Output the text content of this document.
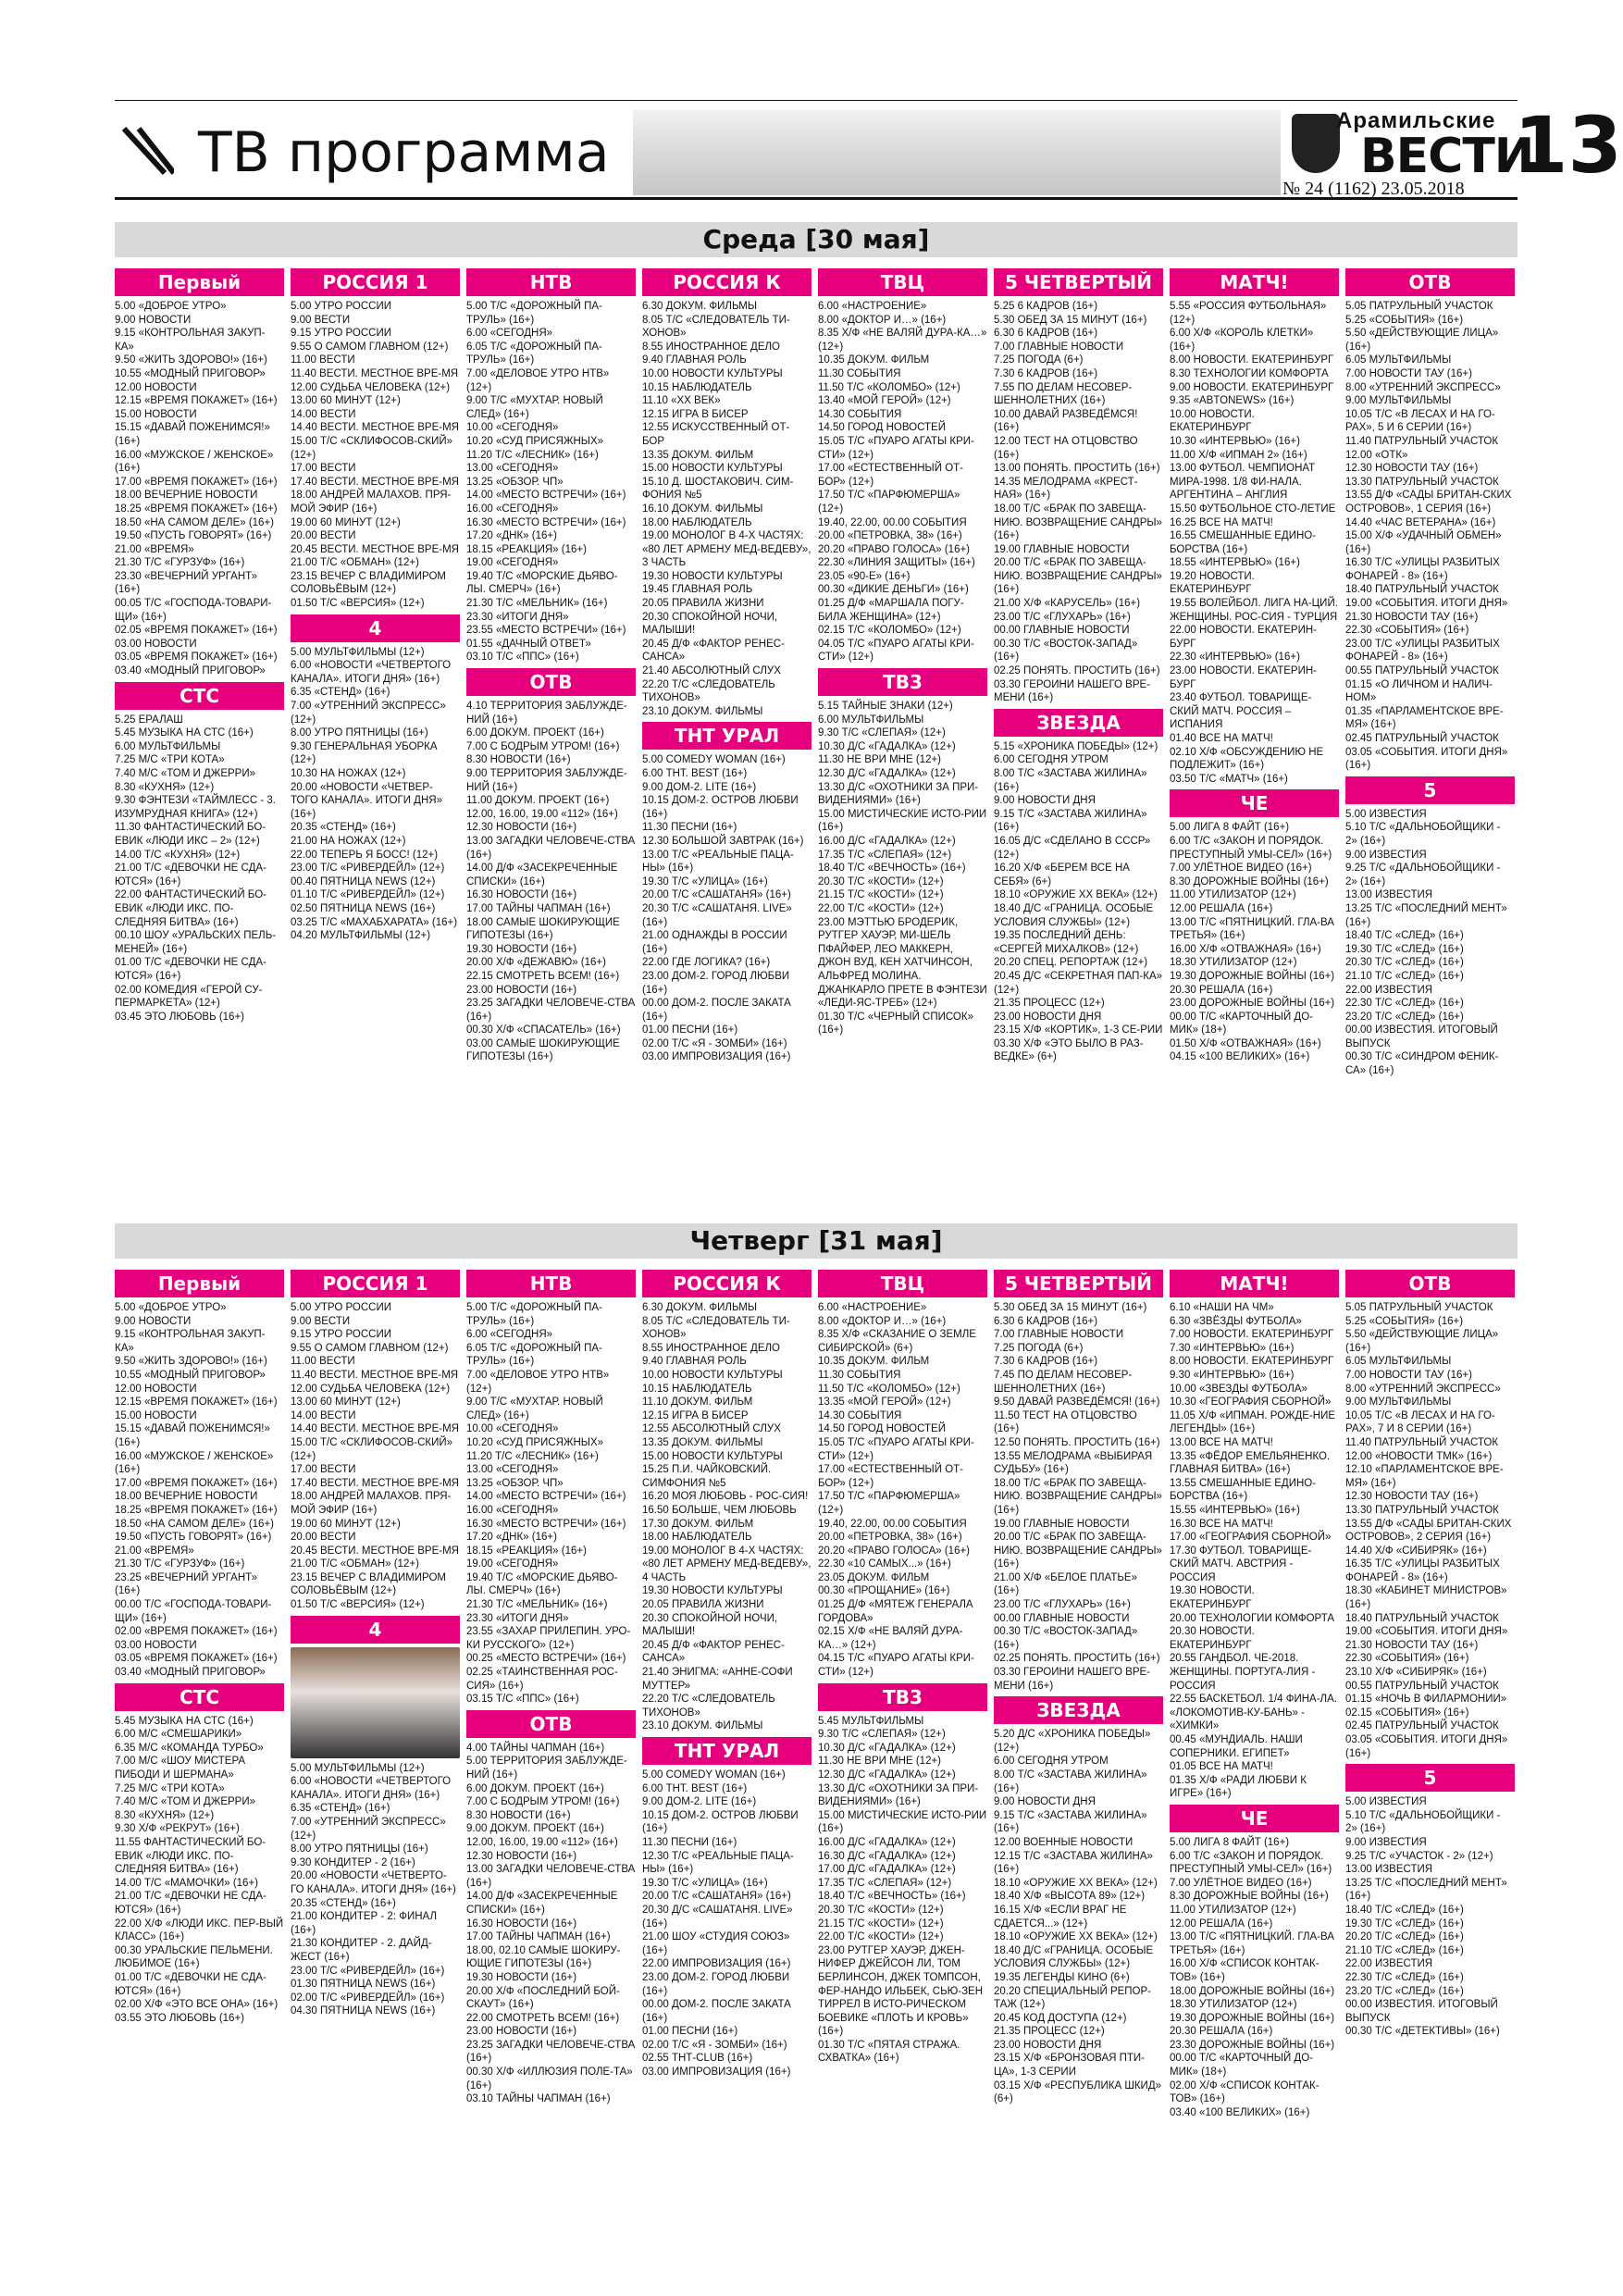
ТВ программа	Арамильские
ВЕСТИ
13
№ 24 (1162) 23.05.2018
Среда [30 мая]
Первый
5.00 «ДОБРОЕ УТРО»
9.00 НОВОСТИ
9.15 «КОНТРОЛЬНАЯ ЗАКУП-КА»
9.50 «ЖИТЬ ЗДОРОВО!» (16+)
10.55 «МОДНЫЙ ПРИГОВОР»
12.00 НОВОСТИ
12.15 «ВРЕМЯ ПОКАЖЕТ» (16+)
15.00 НОВОСТИ
15.15 «ДАВАЙ ПОЖЕНИМСЯ!» (16+)
16.00 «МУЖСКОЕ / ЖЕНСКОЕ» (16+)
17.00 «ВРЕМЯ ПОКАЖЕТ» (16+)
18.00 ВЕЧЕРНИЕ НОВОСТИ
18.25 «ВРЕМЯ ПОКАЖЕТ» (16+)
18.50 «НА САМОМ ДЕЛЕ» (16+)
19.50 «ПУСТЬ ГОВОРЯТ» (16+)
21.00 «ВРЕМЯ»
21.30 Т/С «ГУРЗУФ» (16+)
23.30 «ВЕЧЕРНИЙ УРГАНТ» (16+)
00.05 Т/С «ГОСПОДА-ТОВАРИ-ЩИ» (16+)
02.05 «ВРЕМЯ ПОКАЖЕТ» (16+)
03.00 НОВОСТИ
03.05 «ВРЕМЯ ПОКАЖЕТ» (16+)
03.40 «МОДНЫЙ ПРИГОВОР»
СТС
5.25 ЕРАЛАШ
5.45 МУЗЫКА НА СТС (16+)
6.00 МУЛЬТФИЛЬМЫ
7.25 М/С «ТРИ КОТА»
7.40 М/С «ТОМ И ДЖЕРРИ»
8.30 «КУХНЯ» (12+)
9.30 ФЭНТЕЗИ «ТАЙМЛЕСС - 3. ИЗУМРУДНАЯ КНИГА» (12+)
11.30 ФАНТАСТИЧЕСКИЙ БО-ЕВИК «ЛЮДИ ИКС – 2» (12+)
14.00 Т/С «КУХНЯ» (12+)
21.00 Т/С «ДЕВОЧКИ НЕ СДА-ЮТСЯ» (16+)
22.00 ФАНТАСТИЧЕСКИЙ БО-ЕВИК «ЛЮДИ ИКС. ПО-СЛЕДНЯЯ БИТВА» (16+)
00.10 ШОУ «УРАЛЬСКИХ ПЕЛЬ-МЕНЕЙ» (16+)
01.00 Т/С «ДЕВОЧКИ НЕ СДА-ЮТСЯ» (16+)
02.00 КОМЕДИЯ «ГЕРОЙ СУ-ПЕРМАРКЕТА» (12+)
03.45 ЭТО ЛЮБОВЬ (16+)
РОССИЯ 1
5.00 УТРО РОССИИ
9.00 ВЕСТИ
9.15 УТРО РОССИИ
9.55 О САМОМ ГЛАВНОМ (12+)
11.00 ВЕСТИ
11.40 ВЕСТИ. МЕСТНОЕ ВРЕ-МЯ
12.00 СУДЬБА ЧЕЛОВЕКА (12+)
13.00 60 МИНУТ (12+)
14.00 ВЕСТИ
14.40 ВЕСТИ. МЕСТНОЕ ВРЕ-МЯ
15.00 Т/С «СКЛИФОСОВ-СКИЙ» (12+)
17.00 ВЕСТИ
17.40 ВЕСТИ. МЕСТНОЕ ВРЕ-МЯ
18.00 АНДРЕЙ МАЛАХОВ. ПРЯ-МОЙ ЭФИР (16+)
19.00 60 МИНУТ (12+)
20.00 ВЕСТИ
20.45 ВЕСТИ. МЕСТНОЕ ВРЕ-МЯ
21.00 Т/С «ОБМАН» (12+)
23.15 ВЕЧЕР С ВЛАДИМИРОМ СОЛОВЬЁВЫМ (12+)
01.50 Т/С «ВЕРСИЯ» (12+)
4
5.00 МУЛЬТФИЛЬМЫ (12+)
6.00 «НОВОСТИ «ЧЕТВЕРТОГО КАНАЛА». ИТОГИ ДНЯ» (16+)
6.35 «СТЕНД» (16+)
7.00 «УТРЕННИЙ ЭКСПРЕСС» (12+)
8.00 УТРО ПЯТНИЦЫ (16+)
9.30 ГЕНЕРАЛЬНАЯ УБОРКА (12+)
10.30 НА НОЖАХ (12+)
20.00 «НОВОСТИ «ЧЕТВЕР-ТОГО КАНАЛА». ИТОГИ ДНЯ» (16+)
20.35 «СТЕНД» (16+)
21.00 НА НОЖАХ (12+)
22.00 ТЕПЕРЬ Я БОСС! (12+)
23.00 Т/С «РИВЕРДЕЙЛ» (12+)
00.40 ПЯТНИЦА NEWS (12+)
01.10 Т/С «РИВЕРДЕЙЛ» (12+)
02.50 ПЯТНИЦА NEWS (16+)
03.25 Т/С «МАХАБХАРАТА» (16+)
04.20 МУЛЬТФИЛЬМЫ (12+)
НТВ
5.00 Т/С «ДОРОЖНЫЙ ПА-ТРУЛЬ» (16+)
6.00 «СЕГОДНЯ»
6.05 Т/С «ДОРОЖНЫЙ ПА-ТРУЛЬ» (16+)
7.00 «ДЕЛОВОЕ УТРО НТВ» (12+)
9.00 Т/С «МУХТАР. НОВЫЙ СЛЕД» (16+)
10.00 «СЕГОДНЯ»
10.20 «СУД ПРИСЯЖНЫХ»
11.20 Т/С «ЛЕСНИК» (16+)
13.00 «СЕГОДНЯ»
13.25 «ОБЗОР. ЧП»
14.00 «МЕСТО ВСТРЕЧИ» (16+)
16.00 «СЕГОДНЯ»
16.30 «МЕСТО ВСТРЕЧИ» (16+)
17.20 «ДНК» (16+)
18.15 «РЕАКЦИЯ» (16+)
19.00 «СЕГОДНЯ»
19.40 Т/С «МОРСКИЕ ДЬЯВО-ЛЫ. СМЕРЧ» (16+)
21.30 Т/С «МЕЛЬНИК» (16+)
23.30 «ИТОГИ ДНЯ»
23.55 «МЕСТО ВСТРЕЧИ» (16+)
01.55 «ДАЧНЫЙ ОТВЕТ»
03.10 Т/С «ППС» (16+)
ОТВ
4.10 ТЕРРИТОРИЯ ЗАБЛУЖДЕ-НИЙ (16+)
6.00 ДОКУМ. ПРОЕКТ (16+)
7.00 С БОДРЫМ УТРОМ! (16+)
8.30 НОВОСТИ (16+)
9.00 ТЕРРИТОРИЯ ЗАБЛУЖДЕ-НИЙ (16+)
11.00 ДОКУМ. ПРОЕКТ (16+)
12.00, 16.00, 19.00 «112» (16+)
12.30 НОВОСТИ (16+)
13.00 ЗАГАДКИ ЧЕЛОВЕЧЕ-СТВА (16+)
14.00 Д/Ф «ЗАСЕКРЕЧЕННЫЕ СПИСКИ» (16+)
16.30 НОВОСТИ (16+)
17.00 ТАЙНЫ ЧАПМАН (16+)
18.00 САМЫЕ ШОКИРУЮЩИЕ ГИПОТЕЗЫ (16+)
19.30 НОВОСТИ (16+)
20.00 Х/Ф «ДЕЖАВЮ» (16+)
22.15 СМОТРЕТЬ ВСЕМ! (16+)
23.00 НОВОСТИ (16+)
23.25 ЗАГАДКИ ЧЕЛОВЕЧЕ-СТВА (16+)
00.30 Х/Ф «СПАСАТЕЛЬ» (16+)
03.00 САМЫЕ ШОКИРУЮЩИЕ ГИПОТЕЗЫ (16+)
РОССИЯ К
6.30 ДОКУМ. ФИЛЬМЫ
8.05 Т/С «СЛЕДОВАТЕЛЬ ТИ-ХОНОВ»
8.55 ИНОСТРАННОЕ ДЕЛО
9.40 ГЛАВНАЯ РОЛЬ
10.00 НОВОСТИ КУЛЬТУРЫ
10.15 НАБЛЮДАТЕЛЬ
11.10 «ХХ ВЕК»
12.15 ИГРА В БИСЕР
12.55 ИСКУССТВЕННЫЙ ОТ-БОР
13.35 ДОКУМ. ФИЛЬМ
15.00 НОВОСТИ КУЛЬТУРЫ
15.10 Д. ШОСТАКОВИЧ. СИМ-ФОНИЯ №5
16.10 ДОКУМ. ФИЛЬМЫ
18.00 НАБЛЮДАТЕЛЬ
19.00 МОНОЛОГ В 4-Х ЧАСТЯХ: «80 ЛЕТ АРМЕНУ МЕД-ВЕДЕВУ», 3 ЧАСТЬ
19.30 НОВОСТИ КУЛЬТУРЫ
19.45 ГЛАВНАЯ РОЛЬ
20.05 ПРАВИЛА ЖИЗНИ
20.30 СПОКОЙНОЙ НОЧИ, МАЛЫШИ!
20.45 Д/Ф «ФАКТОР РЕНЕС-САНСА»
21.40 АБСОЛЮТНЫЙ СЛУХ
22.20 Т/С «СЛЕДОВАТЕЛЬ ТИХОНОВ»
23.10 ДОКУМ. ФИЛЬМЫ
ТНТ УРАЛ
5.00 COMEDY WOMAN (16+)
6.00 ТНТ. BEST (16+)
9.00 ДОМ-2. LITE (16+)
10.15 ДОМ-2. ОСТРОВ ЛЮБВИ (16+)
11.30 ПЕСНИ (16+)
12.30 БОЛЬШОЙ ЗАВТРАК (16+)
13.00 Т/С «РЕАЛЬНЫЕ ПАЦА-НЫ» (16+)
19.30 Т/С «УЛИЦА» (16+)
20.00 Т/С «САШАТАНЯ» (16+)
20.30 Т/С «САШАТАНЯ. LIVE» (16+)
21.00 ОДНАЖДЫ В РОССИИ (16+)
22.00 ГДЕ ЛОГИКА? (16+)
23.00 ДОМ-2. ГОРОД ЛЮБВИ (16+)
00.00 ДОМ-2. ПОСЛЕ ЗАКАТА (16+)
01.00 ПЕСНИ (16+)
02.00 Т/С «Я - ЗОМБИ» (16+)
03.00 ИМПРОВИЗАЦИЯ (16+)
ТВЦ
6.00 «НАСТРОЕНИЕ»
8.00 «ДОКТОР И…» (16+)
8.35 Х/Ф «НЕ ВАЛЯЙ ДУРА-КА…» (12+)
10.35 ДОКУМ. ФИЛЬМ
11.30 СОБЫТИЯ
11.50 Т/С «КОЛОМБО» (12+)
13.40 «МОЙ ГЕРОЙ» (12+)
14.30 СОБЫТИЯ
14.50 ГОРОД НОВОСТЕЙ
15.05 Т/С «ПУАРО АГАТЫ КРИ-СТИ» (12+)
17.00 «ЕСТЕСТВЕННЫЙ ОТ-БОР» (12+)
17.50 Т/С «ПАРФЮМЕРША» (12+)
19.40, 22.00, 00.00 СОБЫТИЯ
20.00 «ПЕТРОВКА, 38» (16+)
20.20 «ПРАВО ГОЛОСА» (16+)
22.30 «ЛИНИЯ ЗАЩИТЫ» (16+)
23.05 «90-Е» (16+)
00.30 «ДИКИЕ ДЕНЬГИ» (16+)
01.25 Д/Ф «МАРШАЛА ПОГУ-БИЛА ЖЕНЩИНА» (12+)
02.15 Т/С «КОЛОМБО» (12+)
04.05 Т/С «ПУАРО АГАТЫ КРИ-СТИ» (12+)
ТВ3
5.15 ТАЙНЫЕ ЗНАКИ (12+)
6.00 МУЛЬТФИЛЬМЫ
9.30 Т/С «СЛЕПАЯ» (12+)
10.30 Д/С «ГАДАЛКА» (12+)
11.30 НЕ ВРИ МНЕ (12+)
12.30 Д/С «ГАДАЛКА» (12+)
13.30 Д/С «ОХОТНИКИ ЗА ПРИ-ВИДЕНИЯМИ» (16+)
15.00 МИСТИЧЕСКИЕ ИСТО-РИИ (16+)
16.00 Д/С «ГАДАЛКА» (12+)
17.35 Т/С «СЛЕПАЯ» (12+)
18.40 Т/С «ВЕЧНОСТЬ» (16+)
20.30 Т/С «КОСТИ» (12+)
21.15 Т/С «КОСТИ» (12+)
22.00 Т/С «КОСТИ» (12+)
23.00 МЭТТЬЮ БРОДЕРИК, РУТГЕР ХАУЭР, МИ-ШЕЛЬ ПФАЙФЕР, ЛЕО МАККЕРН, ДЖОН ВУД, КЕН ХАТЧИНСОН, АЛЬФРЕД МОЛИНА. ДЖАНКАРЛО ПРЕТЕ В ФЭНТЕЗИ «ЛЕДИ-ЯС-ТРЕБ» (12+)
01.30 Т/С «ЧЕРНЫЙ СПИСОК» (16+)
5 ЧЕТВЕРТЫЙ
5.25 6 КАДРОВ (16+)
5.30 ОБЕД ЗА 15 МИНУТ (16+)
6.30 6 КАДРОВ (16+)
7.00 ГЛАВНЫЕ НОВОСТИ
7.25 ПОГОДА (6+)
7.30 6 КАДРОВ (16+)
7.55 ПО ДЕЛАМ НЕСОВЕР-ШЕННОЛЕТНИХ (16+)
10.00 ДАВАЙ РАЗВЕДЁМСЯ! (16+)
12.00 ТЕСТ НА ОТЦОВСТВО (16+)
13.00 ПОНЯТЬ. ПРОСТИТЬ (16+)
14.35 МЕЛОДРАМА «КРЕСТ-НАЯ» (16+)
18.00 Т/С «БРАК ПО ЗАВЕЩА-НИЮ. ВОЗВРАЩЕНИЕ САНДРЫ» (16+)
19.00 ГЛАВНЫЕ НОВОСТИ
20.00 Т/С «БРАК ПО ЗАВЕЩА-НИЮ. ВОЗВРАЩЕНИЕ САНДРЫ» (16+)
21.00 Х/Ф «КАРУСЕЛЬ» (16+)
23.00 Т/С «ГЛУХАРЬ» (16+)
00.00 ГЛАВНЫЕ НОВОСТИ
00.30 Т/С «ВОСТОК-ЗАПАД» (16+)
02.25 ПОНЯТЬ. ПРОСТИТЬ (16+)
03.30 ГЕРОИНИ НАШЕГО ВРЕ-МЕНИ (16+)
ЗВЕЗДА
5.15 «ХРОНИКА ПОБЕДЫ» (12+)
6.00 СЕГОДНЯ УТРОМ
8.00 Т/С «ЗАСТАВА ЖИЛИНА» (16+)
9.00 НОВОСТИ ДНЯ
9.15 Т/С «ЗАСТАВА ЖИЛИНА» (16+)
16.05 Д/С «СДЕЛАНО В СССР» (12+)
16.20 Х/Ф «БЕРЕМ ВСЕ НА СЕБЯ» (6+)
18.10 «ОРУЖИЕ ХХ ВЕКА» (12+)
18.40 Д/С «ГРАНИЦА. ОСОБЫЕ УСЛОВИЯ СЛУЖБЫ» (12+)
19.35 ПОСЛЕДНИЙ ДЕНЬ: «СЕРГЕЙ МИХАЛКОВ» (12+)
20.20 СПЕЦ. РЕПОРТАЖ (12+)
20.45 Д/С «СЕКРЕТНАЯ ПАП-КА» (12+)
21.35 ПРОЦЕСС (12+)
23.00 НОВОСТИ ДНЯ
23.15 Х/Ф «КОРТИК», 1-3 СЕ-РИИ
03.30 Х/Ф «ЭТО БЫЛО В РАЗ-ВЕДКЕ» (6+)
МАТЧ!
5.55 «РОССИЯ ФУТБОЛЬНАЯ» (12+)
6.00 Х/Ф «КОРОЛЬ КЛЕТКИ» (16+)
8.00 НОВОСТИ. ЕКАТЕРИНБУРГ
8.30 ТЕХНОЛОГИИ КОМФОРТА
9.00 НОВОСТИ. ЕКАТЕРИНБУРГ
9.35 «ABTONEWS» (16+)
10.00 НОВОСТИ. ЕКАТЕРИНБУРГ
10.30 «ИНТЕРВЬЮ» (16+)
11.00 Х/Ф «ИПМАН 2» (16+)
13.00 ФУТБОЛ. ЧЕМПИОНАТ МИРА-1998. 1/8 ФИ-НАЛА. АРГЕНТИНА – АНГЛИЯ
15.50 ФУТБОЛЬНОЕ СТО-ЛЕТИЕ
16.25 ВСЕ НА МАТЧ!
16.55 СМЕШАННЫЕ ЕДИНО-БОРСТВА (16+)
18.55 «ИНТЕРВЬЮ» (16+)
19.20 НОВОСТИ. ЕКАТЕРИНБУРГ
19.55 ВОЛЕЙБОЛ. ЛИГА НА-ЦИЙ. ЖЕНЩИНЫ. РОС-СИЯ - ТУРЦИЯ
22.00 НОВОСТИ. ЕКАТЕРИН-БУРГ
22.30 «ИНТЕРВЬЮ» (16+)
23.00 НОВОСТИ. ЕКАТЕРИН-БУРГ
23.40 ФУТБОЛ. ТОВАРИЩЕ-СКИЙ МАТЧ. РОССИЯ – ИСПАНИЯ
01.40 ВСЕ НА МАТЧ!
02.10 Х/Ф «ОБСУЖДЕНИЮ НЕ ПОДЛЕЖИТ» (16+)
03.50 Т/С «МАТЧ» (16+)
ЧЕ
5.00 ЛИГА 8 ФАЙТ (16+)
6.00 Т/С «ЗАКОН И ПОРЯДОК. ПРЕСТУПНЫЙ УМЫ-СЕЛ» (16+)
7.00 УЛЁТНОЕ ВИДЕО (16+)
8.30 ДОРОЖНЫЕ ВОЙНЫ (16+)
11.00 УТИЛИЗАТОР (12+)
12.00 РЕШАЛА (16+)
13.00 Т/С «ПЯТНИЦКИЙ. ГЛА-ВА ТРЕТЬЯ» (16+)
16.00 Х/Ф «ОТВАЖНАЯ» (16+)
18.30 УТИЛИЗАТОР (12+)
19.30 ДОРОЖНЫЕ ВОЙНЫ (16+)
20.30 РЕШАЛА (16+)
23.00 ДОРОЖНЫЕ ВОЙНЫ (16+)
00.00 Т/С «КАРТОЧНЫЙ ДО-МИК» (18+)
01.50 Х/Ф «ОТВАЖНАЯ» (16+)
04.15 «100 ВЕЛИКИХ» (16+)
ОТВ
5.05 ПАТРУЛЬНЫЙ УЧАСТОК
5.25 «СОБЫТИЯ» (16+)
5.50 «ДЕЙСТВУЮЩИЕ ЛИЦА» (16+)
6.05 МУЛЬТФИЛЬМЫ
7.00 НОВОСТИ ТАУ (16+)
8.00 «УТРЕННИЙ ЭКСПРЕСС»
9.00 МУЛЬТФИЛЬМЫ
10.05 Т/С «В ЛЕСАХ И НА ГО-РАХ», 5 И 6 СЕРИИ (16+)
11.40 ПАТРУЛЬНЫЙ УЧАСТОК
12.00 «ОТК»
12.30 НОВОСТИ ТАУ (16+)
13.30 ПАТРУЛЬНЫЙ УЧАСТОК
13.55 Д/Ф «САДЫ БРИТАН-СКИХ ОСТРОВОВ», 1 СЕРИЯ (16+)
14.40 «ЧАС ВЕТЕРАНА» (16+)
15.00 Х/Ф «УДАЧНЫЙ ОБМЕН» (16+)
16.30 Т/С «УЛИЦЫ РАЗБИТЫХ ФОНАРЕЙ - 8» (16+)
18.40 ПАТРУЛЬНЫЙ УЧАСТОК
19.00 «СОБЫТИЯ. ИТОГИ ДНЯ»
21.30 НОВОСТИ ТАУ (16+)
22.30 «СОБЫТИЯ» (16+)
23.00 Т/С «УЛИЦЫ РАЗБИТЫХ ФОНАРЕЙ - 8» (16+)
00.55 ПАТРУЛЬНЫЙ УЧАСТОК
01.15 «О ЛИЧНОМ И НАЛИЧ-НОМ»
01.35 «ПАРЛАМЕНТСКОЕ ВРЕ-МЯ» (16+)
02.45 ПАТРУЛЬНЫЙ УЧАСТОК
03.05 «СОБЫТИЯ. ИТОГИ ДНЯ» (16+)
5
5.00 ИЗВЕСТИЯ
5.10 Т/С «ДАЛЬНОБОЙЩИКИ - 2» (16+)
9.00 ИЗВЕСТИЯ
9.25 Т/С «ДАЛЬНОБОЙЩИКИ - 2» (16+)
13.00 ИЗВЕСТИЯ
13.25 Т/С «ПОСЛЕДНИЙ МЕНТ» (16+)
18.40 Т/С «СЛЕД» (16+)
19.30 Т/С «СЛЕД» (16+)
20.30 Т/С «СЛЕД» (16+)
21.10 Т/С «СЛЕД» (16+)
22.00 ИЗВЕСТИЯ
22.30 Т/С «СЛЕД» (16+)
23.20 Т/С «СЛЕД» (16+)
00.00 ИЗВЕСТИЯ. ИТОГОВЫЙ ВЫПУСК
00.30 Т/С «СИНДРОМ ФЕНИК-СА» (16+)
Четверг [31 мая]
Первый
5.00 «ДОБРОЕ УТРО»
9.00 НОВОСТИ
9.15 «КОНТРОЛЬНАЯ ЗАКУП-КА»
9.50 «ЖИТЬ ЗДОРОВО!» (16+)
10.55 «МОДНЫЙ ПРИГОВОР»
12.00 НОВОСТИ
12.15 «ВРЕМЯ ПОКАЖЕТ» (16+)
15.00 НОВОСТИ
15.15 «ДАВАЙ ПОЖЕНИМСЯ!» (16+)
16.00 «МУЖСКОЕ / ЖЕНСКОЕ» (16+)
17.00 «ВРЕМЯ ПОКАЖЕТ» (16+)
18.00 ВЕЧЕРНИЕ НОВОСТИ
18.25 «ВРЕМЯ ПОКАЖЕТ» (16+)
18.50 «НА САМОМ ДЕЛЕ» (16+)
19.50 «ПУСТЬ ГОВОРЯТ» (16+)
21.00 «ВРЕМЯ»
21.30 Т/С «ГУРЗУФ» (16+)
23.25 «ВЕЧЕРНИЙ УРГАНТ» (16+)
00.00 Т/С «ГОСПОДА-ТОВАРИ-ЩИ» (16+)
02.00 «ВРЕМЯ ПОКАЖЕТ» (16+)
03.00 НОВОСТИ
03.05 «ВРЕМЯ ПОКАЖЕТ» (16+)
03.40 «МОДНЫЙ ПРИГОВОР»
СТС
5.45 МУЗЫКА НА СТС (16+)
6.00 М/С «СМЕШАРИКИ»
6.35 М/С «КОМАНДА ТУРБО»
7.00 М/С «ШОУ МИСТЕРА ПИБОДИ И ШЕРМАНА»
7.25 М/С «ТРИ КОТА»
7.40 М/С «ТОМ И ДЖЕРРИ»
8.30 «КУХНЯ» (12+)
9.30 Х/Ф «РЕКРУТ» (16+)
11.55 ФАНТАСТИЧЕСКИЙ БО-ЕВИК «ЛЮДИ ИКС. ПО-СЛЕДНЯЯ БИТВА» (16+)
14.00 Т/С «МАМОЧКИ» (16+)
21.00 Т/С «ДЕВОЧКИ НЕ СДА-ЮТСЯ» (16+)
22.00 Х/Ф «ЛЮДИ ИКС. ПЕР-ВЫЙ КЛАСС» (16+)
00.30 УРАЛЬСКИЕ ПЕЛЬМЕНИ. ЛЮБИМОЕ (16+)
01.00 Т/С «ДЕВОЧКИ НЕ СДА-ЮТСЯ» (16+)
02.00 Х/Ф «ЭТО ВСЕ ОНА» (16+)
03.55 ЭТО ЛЮБОВЬ (16+)
РОССИЯ 1
5.00 УТРО РОССИИ
9.00 ВЕСТИ
9.15 УТРО РОССИИ
9.55 О САМОМ ГЛАВНОМ (12+)
11.00 ВЕСТИ
11.40 ВЕСТИ. МЕСТНОЕ ВРЕ-МЯ
12.00 СУДЬБА ЧЕЛОВЕКА (12+)
13.00 60 МИНУТ (12+)
14.00 ВЕСТИ
14.40 ВЕСТИ. МЕСТНОЕ ВРЕ-МЯ
15.00 Т/С «СКЛИФОСОВ-СКИЙ» (12+)
17.00 ВЕСТИ
17.40 ВЕСТИ. МЕСТНОЕ ВРЕ-МЯ
18.00 АНДРЕЙ МАЛАХОВ. ПРЯ-МОЙ ЭФИР (16+)
19.00 60 МИНУТ (12+)
20.00 ВЕСТИ
20.45 ВЕСТИ. МЕСТНОЕ ВРЕ-МЯ
21.00 Т/С «ОБМАН» (12+)
23.15 ВЕЧЕР С ВЛАДИМИРОМ СОЛОВЬЁВЫМ (12+)
01.50 Т/С «ВЕРСИЯ» (12+)
4
5.00 МУЛЬТФИЛЬМЫ (12+)
6.00 «НОВОСТИ «ЧЕТВЕРТОГО КАНАЛА». ИТОГИ ДНЯ» (16+)
6.35 «СТЕНД» (16+)
7.00 «УТРЕННИЙ ЭКСПРЕСС» (12+)
8.00 УТРО ПЯТНИЦЫ (16+)
9.30 КОНДИТЕР - 2 (16+)
20.00 «НОВОСТИ «ЧЕТВЕРТО-ГО КАНАЛА». ИТОГИ ДНЯ» (16+)
20.35 «СТЕНД» (16+)
21.00 КОНДИТЕР - 2: ФИНАЛ (16+)
21.30 КОНДИТЕР - 2. ДАЙД-ЖЕСТ (16+)
23.00 Т/С «РИВЕРДЕЙЛ» (16+)
01.30 ПЯТНИЦА NEWS (16+)
02.00 Т/С «РИВЕРДЕЙЛ» (16+)
04.30 ПЯТНИЦА NEWS (16+)
НТВ
5.00 Т/С «ДОРОЖНЫЙ ПА-ТРУЛЬ» (16+)
6.00 «СЕГОДНЯ»
6.05 Т/С «ДОРОЖНЫЙ ПА-ТРУЛЬ» (16+)
7.00 «ДЕЛОВОЕ УТРО НТВ» (12+)
9.00 Т/С «МУХТАР. НОВЫЙ СЛЕД» (16+)
10.00 «СЕГОДНЯ»
10.20 «СУД ПРИСЯЖНЫХ»
11.20 Т/С «ЛЕСНИК» (16+)
13.00 «СЕГОДНЯ»
13.25 «ОБЗОР. ЧП»
14.00 «МЕСТО ВСТРЕЧИ» (16+)
16.00 «СЕГОДНЯ»
16.30 «МЕСТО ВСТРЕЧИ» (16+)
17.20 «ДНК» (16+)
18.15 «РЕАКЦИЯ» (16+)
19.00 «СЕГОДНЯ»
19.40 Т/С «МОРСКИЕ ДЬЯВО-ЛЫ. СМЕРЧ» (16+)
21.30 Т/С «МЕЛЬНИК» (16+)
23.30 «ИТОГИ ДНЯ»
23.55 «ЗАХАР ПРИЛЕПИН. УРО-КИ РУССКОГО» (12+)
00.25 «МЕСТО ВСТРЕЧИ» (16+)
02.25 «ТАИНСТВЕННАЯ РОС-СИЯ» (16+)
03.15 Т/С «ППС» (16+)
ОТВ
4.00 ТАЙНЫ ЧАПМАН (16+)
5.00 ТЕРРИТОРИЯ ЗАБЛУЖДЕ-НИЙ (16+)
6.00 ДОКУМ. ПРОЕКТ (16+)
7.00 С БОДРЫМ УТРОМ! (16+)
8.30 НОВОСТИ (16+)
9.00 ДОКУМ. ПРОЕКТ (16+)
12.00, 16.00, 19.00 «112» (16+)
12.30 НОВОСТИ (16+)
13.00 ЗАГАДКИ ЧЕЛОВЕЧЕ-СТВА (16+)
14.00 Д/Ф «ЗАСЕКРЕЧЕННЫЕ СПИСКИ» (16+)
16.30 НОВОСТИ (16+)
17.00 ТАЙНЫ ЧАПМАН (16+)
18.00, 02.10 САМЫЕ ШОКИРУ-ЮЩИЕ ГИПОТЕЗЫ (16+)
19.30 НОВОСТИ (16+)
20.00 Х/Ф «ПОСЛЕДНИЙ БОЙ-СКАУТ» (16+)
22.00 СМОТРЕТЬ ВСЕМ! (16+)
23.00 НОВОСТИ (16+)
23.25 ЗАГАДКИ ЧЕЛОВЕЧЕ-СТВА (16+)
00.30 Х/Ф «ИЛЛЮЗИЯ ПОЛЕ-ТА» (16+)
03.10 ТАЙНЫ ЧАПМАН (16+)
РОССИЯ К
6.30 ДОКУМ. ФИЛЬМЫ
8.05 Т/С «СЛЕДОВАТЕЛЬ ТИ-ХОНОВ»
8.55 ИНОСТРАННОЕ ДЕЛО
9.40 ГЛАВНАЯ РОЛЬ
10.00 НОВОСТИ КУЛЬТУРЫ
10.15 НАБЛЮДАТЕЛЬ
11.10 ДОКУМ. ФИЛЬМ
12.15 ИГРА В БИСЕР
12.55 АБСОЛЮТНЫЙ СЛУХ
13.35 ДОКУМ. ФИЛЬМЫ
15.00 НОВОСТИ КУЛЬТУРЫ
15.25 П.И. ЧАЙКОВСКИЙ. СИМФОНИЯ №5
16.20 МОЯ ЛЮБОВЬ - РОС-СИЯ!
16.50 БОЛЬШЕ, ЧЕМ ЛЮБОВЬ
17.30 ДОКУМ. ФИЛЬМ
18.00 НАБЛЮДАТЕЛЬ
19.00 МОНОЛОГ В 4-Х ЧАСТЯХ: «80 ЛЕТ АРМЕНУ МЕД-ВЕДЕВУ», 4 ЧАСТЬ
19.30 НОВОСТИ КУЛЬТУРЫ
20.05 ПРАВИЛА ЖИЗНИ
20.30 СПОКОЙНОЙ НОЧИ, МАЛЫШИ!
20.45 Д/Ф «ФАКТОР РЕНЕС-САНСА»
21.40 ЭНИГМА: «АННЕ-СОФИ МУТТЕР»
22.20 Т/С «СЛЕДОВАТЕЛЬ ТИХОНОВ»
23.10 ДОКУМ. ФИЛЬМЫ
ТНТ УРАЛ
5.00 COMEDY WOMAN (16+)
6.00 ТНТ. BEST (16+)
9.00 ДОМ-2. LITE (16+)
10.15 ДОМ-2. ОСТРОВ ЛЮБВИ (16+)
11.30 ПЕСНИ (16+)
12.30 Т/С «РЕАЛЬНЫЕ ПАЦА-НЫ» (16+)
19.30 Т/С «УЛИЦА» (16+)
20.00 Т/С «САШАТАНЯ» (16+)
20.30 Д/С «САШАТАНЯ. LIVE» (16+)
21.00 ШОУ «СТУДИЯ СОЮЗ» (16+)
22.00 ИМПРОВИЗАЦИЯ (16+)
23.00 ДОМ-2. ГОРОД ЛЮБВИ (16+)
00.00 ДОМ-2. ПОСЛЕ ЗАКАТА (16+)
01.00 ПЕСНИ (16+)
02.00 Т/С «Я - ЗОМБИ» (16+)
02.55 ТНТ-CLUB (16+)
03.00 ИМПРОВИЗАЦИЯ (16+)
ТВЦ
6.00 «НАСТРОЕНИЕ»
8.00 «ДОКТОР И…» (16+)
8.35 Х/Ф «СКАЗАНИЕ О ЗЕМЛЕ СИБИРСКОЙ» (6+)
10.35 ДОКУМ. ФИЛЬМ
11.30 СОБЫТИЯ
11.50 Т/С «КОЛОМБО» (12+)
13.35 «МОЙ ГЕРОЙ» (12+)
14.30 СОБЫТИЯ
14.50 ГОРОД НОВОСТЕЙ
15.05 Т/С «ПУАРО АГАТЫ КРИ-СТИ» (12+)
17.00 «ЕСТЕСТВЕННЫЙ ОТ-БОР» (12+)
17.50 Т/С «ПАРФЮМЕРША» (12+)
19.40, 22.00, 00.00 СОБЫТИЯ
20.00 «ПЕТРОВКА, 38» (16+)
20.20 «ПРАВО ГОЛОСА» (16+)
22.30 «10 САМЫХ...» (16+)
23.05 ДОКУМ. ФИЛЬМ
00.30 «ПРОЩАНИЕ» (16+)
01.25 Д/Ф «МЯТЕЖ ГЕНЕРАЛА ГОРДОВА»
02.15 Х/Ф «НЕ ВАЛЯЙ ДУРА-КА…» (12+)
04.15 Т/С «ПУАРО АГАТЫ КРИ-СТИ» (12+)
ТВ3
5.45 МУЛЬТФИЛЬМЫ
9.30 Т/С «СЛЕПАЯ» (12+)
10.30 Д/С «ГАДАЛКА» (12+)
11.30 НЕ ВРИ МНЕ (12+)
12.30 Д/С «ГАДАЛКА» (12+)
13.30 Д/С «ОХОТНИКИ ЗА ПРИ-ВИДЕНИЯМИ» (16+)
15.00 МИСТИЧЕСКИЕ ИСТО-РИИ (16+)
16.00 Д/С «ГАДАЛКА» (12+)
16.30 Д/С «ГАДАЛКА» (12+)
17.00 Д/С «ГАДАЛКА» (12+)
17.35 Т/С «СЛЕПАЯ» (12+)
18.40 Т/С «ВЕЧНОСТЬ» (16+)
20.30 Т/С «КОСТИ» (12+)
21.15 Т/С «КОСТИ» (12+)
22.00 Т/С «КОСТИ» (12+)
23.00 РУТГЕР ХАУЭР, ДЖЕН-НИФЕР ДЖЕЙСОН ЛИ, ТОМ БЕРЛИНСОН, ДЖЕК ТОМПСОН, ФЕР-НАНДО ИЛЬБЕК, СЬЮ-ЗЕН ТИРРЕЛ В ИСТО-РИЧЕСКОМ БОЕВИКЕ «ПЛОТЬ И КРОВЬ» (16+)
01.30 Т/С «ПЯТАЯ СТРАЖА. СХВАТКА» (16+)
5 ЧЕТВЕРТЫЙ
5.30 ОБЕД ЗА 15 МИНУТ (16+)
6.30 6 КАДРОВ (16+)
7.00 ГЛАВНЫЕ НОВОСТИ
7.25 ПОГОДА (6+)
7.30 6 КАДРОВ (16+)
7.45 ПО ДЕЛАМ НЕСОВЕР-ШЕННОЛЕТНИХ (16+)
9.50 ДАВАЙ РАЗВЕДЁМСЯ! (16+)
11.50 ТЕСТ НА ОТЦОВСТВО (16+)
12.50 ПОНЯТЬ. ПРОСТИТЬ (16+)
13.55 МЕЛОДРАМА «ВЫБИРАЯ СУДЬБУ» (16+)
18.00 Т/С «БРАК ПО ЗАВЕЩА-НИЮ. ВОЗВРАЩЕНИЕ САНДРЫ» (16+)
19.00 ГЛАВНЫЕ НОВОСТИ
20.00 Т/С «БРАК ПО ЗАВЕЩА-НИЮ. ВОЗВРАЩЕНИЕ САНДРЫ» (16+)
21.00 Х/Ф «БЕЛОЕ ПЛАТЬЕ» (16+)
23.00 Т/С «ГЛУХАРЬ» (16+)
00.00 ГЛАВНЫЕ НОВОСТИ
00.30 Т/С «ВОСТОК-ЗАПАД» (16+)
02.25 ПОНЯТЬ. ПРОСТИТЬ (16+)
03.30 ГЕРОИНИ НАШЕГО ВРЕ-МЕНИ (16+)
ЗВЕЗДА
5.20 Д/С «ХРОНИКА ПОБЕДЫ» (12+)
6.00 СЕГОДНЯ УТРОМ
8.00 Т/С «ЗАСТАВА ЖИЛИНА» (16+)
9.00 НОВОСТИ ДНЯ
9.15 Т/С «ЗАСТАВА ЖИЛИНА» (16+)
12.00 ВОЕННЫЕ НОВОСТИ
12.15 Т/С «ЗАСТАВА ЖИЛИНА» (16+)
18.10 «ОРУЖИЕ ХХ ВЕКА» (12+)
18.40 Х/Ф «ВЫСОТА 89» (12+)
16.15 Х/Ф «ЕСЛИ ВРАГ НЕ СДАЕТСЯ...» (12+)
18.10 «ОРУЖИЕ ХХ ВЕКА» (12+)
18.40 Д/С «ГРАНИЦА. ОСОБЫЕ УСЛОВИЯ СЛУЖБЫ» (12+)
19.35 ЛЕГЕНДЫ КИНО (6+)
20.20 СПЕЦИАЛЬНЫЙ РЕПОР-ТАЖ (12+)
20.45 КОД ДОСТУПА (12+)
21.35 ПРОЦЕСС (12+)
23.00 НОВОСТИ ДНЯ
23.15 Х/Ф «БРОНЗОВАЯ ПТИ-ЦА», 1-3 СЕРИИ
03.15 Х/Ф «РЕСПУБЛИКА ШКИД» (6+)
МАТЧ!
6.10 «НАШИ НА ЧМ»
6.30 «ЗВЁЗДЫ ФУТБОЛА»
7.00 НОВОСТИ. ЕКАТЕРИНБУРГ
7.30 «ИНТЕРВЬЮ» (16+)
8.00 НОВОСТИ. ЕКАТЕРИНБУРГ
9.30 «ИНТЕРВЬЮ» (16+)
10.00 «ЗВЕЗДЫ ФУТБОЛА»
10.30 «ГЕОГРАФИЯ СБОРНОЙ»
11.05 Х/Ф «ИПМАН. РОЖДЕ-НИЕ ЛЕГЕНДЫ» (16+)
13.00 ВСЕ НА МАТЧ!
13.35 «ФЁДОР ЕМЕЛЬЯНЕНКО. ГЛАВНАЯ БИТВА» (16+)
13.55 СМЕШАННЫЕ ЕДИНО-БОРСТВА (16+)
15.55 «ИНТЕРВЬЮ» (16+)
16.30 ВСЕ НА МАТЧ!
17.00 «ГЕОГРАФИЯ СБОРНОЙ»
17.30 ФУТБОЛ. ТОВАРИЩЕ-СКИЙ МАТЧ. АВСТРИЯ - РОССИЯ
19.30 НОВОСТИ. ЕКАТЕРИНБУРГ
20.00 ТЕХНОЛОГИИ КОМФОРТА
20.30 НОВОСТИ. ЕКАТЕРИНБУРГ
20.55 ГАНДБОЛ. ЧЕ-2018. ЖЕНЩИНЫ. ПОРТУГА-ЛИЯ - РОССИЯ
22.55 БАСКЕТБОЛ. 1/4 ФИНА-ЛА. «ЛОКОМОТИВ-КУ-БАНЬ» - «ХИМКИ»
00.45 «МУНДИАЛЬ. НАШИ СОПЕРНИКИ. ЕГИПЕТ»
01.05 ВСЕ НА МАТЧ!
01.35 Х/Ф «РАДИ ЛЮБВИ К ИГРЕ» (16+)
ЧЕ
5.00 ЛИГА 8 ФАЙТ (16+)
6.00 Т/С «ЗАКОН И ПОРЯДОК. ПРЕСТУПНЫЙ УМЫ-СЕЛ» (16+)
7.00 УЛЁТНОЕ ВИДЕО (16+)
8.30 ДОРОЖНЫЕ ВОЙНЫ (16+)
11.00 УТИЛИЗАТОР (12+)
12.00 РЕШАЛА (16+)
13.00 Т/С «ПЯТНИЦКИЙ. ГЛА-ВА ТРЕТЬЯ» (16+)
16.00 Х/Ф «СПИСОК КОНТАК-ТОВ» (16+)
18.00 ДОРОЖНЫЕ ВОЙНЫ (16+)
18.30 УТИЛИЗАТОР (12+)
19.30 ДОРОЖНЫЕ ВОЙНЫ (16+)
20.30 РЕШАЛА (16+)
23.30 ДОРОЖНЫЕ ВОЙНЫ (16+)
00.00 Т/С «КАРТОЧНЫЙ ДО-МИК» (18+)
02.00 Х/Ф «СПИСОК КОНТАК-ТОВ» (16+)
03.40 «100 ВЕЛИКИХ» (16+)
ОТВ
5.05 ПАТРУЛЬНЫЙ УЧАСТОК
5.25 «СОБЫТИЯ» (16+)
5.50 «ДЕЙСТВУЮЩИЕ ЛИЦА» (16+)
6.05 МУЛЬТФИЛЬМЫ
7.00 НОВОСТИ ТАУ (16+)
8.00 «УТРЕННИЙ ЭКСПРЕСС»
9.00 МУЛЬТФИЛЬМЫ
10.05 Т/С «В ЛЕСАХ И НА ГО-РАХ», 7 И 8 СЕРИИ (16+)
11.40 ПАТРУЛЬНЫЙ УЧАСТОК
12.00 «НОВОСТИ ТМК» (16+)
12.10 «ПАРЛАМЕНТСКОЕ ВРЕ-МЯ» (16+)
12.30 НОВОСТИ ТАУ (16+)
13.30 ПАТРУЛЬНЫЙ УЧАСТОК
13.55 Д/Ф «САДЫ БРИТАН-СКИХ ОСТРОВОВ», 2 СЕРИЯ (16+)
14.40 Х/Ф «СИБИРЯК» (16+)
16.35 Т/С «УЛИЦЫ РАЗБИТЫХ ФОНАРЕЙ - 8» (16+)
18.30 «КАБИНЕТ МИНИСТРОВ» (16+)
18.40 ПАТРУЛЬНЫЙ УЧАСТОК
19.00 «СОБЫТИЯ. ИТОГИ ДНЯ»
21.30 НОВОСТИ ТАУ (16+)
22.30 «СОБЫТИЯ» (16+)
23.10 Х/Ф «СИБИРЯК» (16+)
00.55 ПАТРУЛЬНЫЙ УЧАСТОК
01.15 «НОЧЬ В ФИЛАРМОНИИ»
02.15 «СОБЫТИЯ» (16+)
02.45 ПАТРУЛЬНЫЙ УЧАСТОК
03.05 «СОБЫТИЯ. ИТОГИ ДНЯ» (16+)
5
5.00 ИЗВЕСТИЯ
5.10 Т/С «ДАЛЬНОБОЙЩИКИ - 2» (16+)
9.00 ИЗВЕСТИЯ
9.25 Т/С «УЧАСТОК - 2» (12+)
13.00 ИЗВЕСТИЯ
13.25 Т/С «ПОСЛЕДНИЙ МЕНТ» (16+)
18.40 Т/С «СЛЕД» (16+)
19.30 Т/С «СЛЕД» (16+)
20.20 Т/С «СЛЕД» (16+)
21.10 Т/С «СЛЕД» (16+)
22.00 ИЗВЕСТИЯ
22.30 Т/С «СЛЕД» (16+)
23.20 Т/С «СЛЕД» (16+)
00.00 ИЗВЕСТИЯ. ИТОГОВЫЙ ВЫПУСК
00.30 Т/С «ДЕТЕКТИВЫ» (16+)
